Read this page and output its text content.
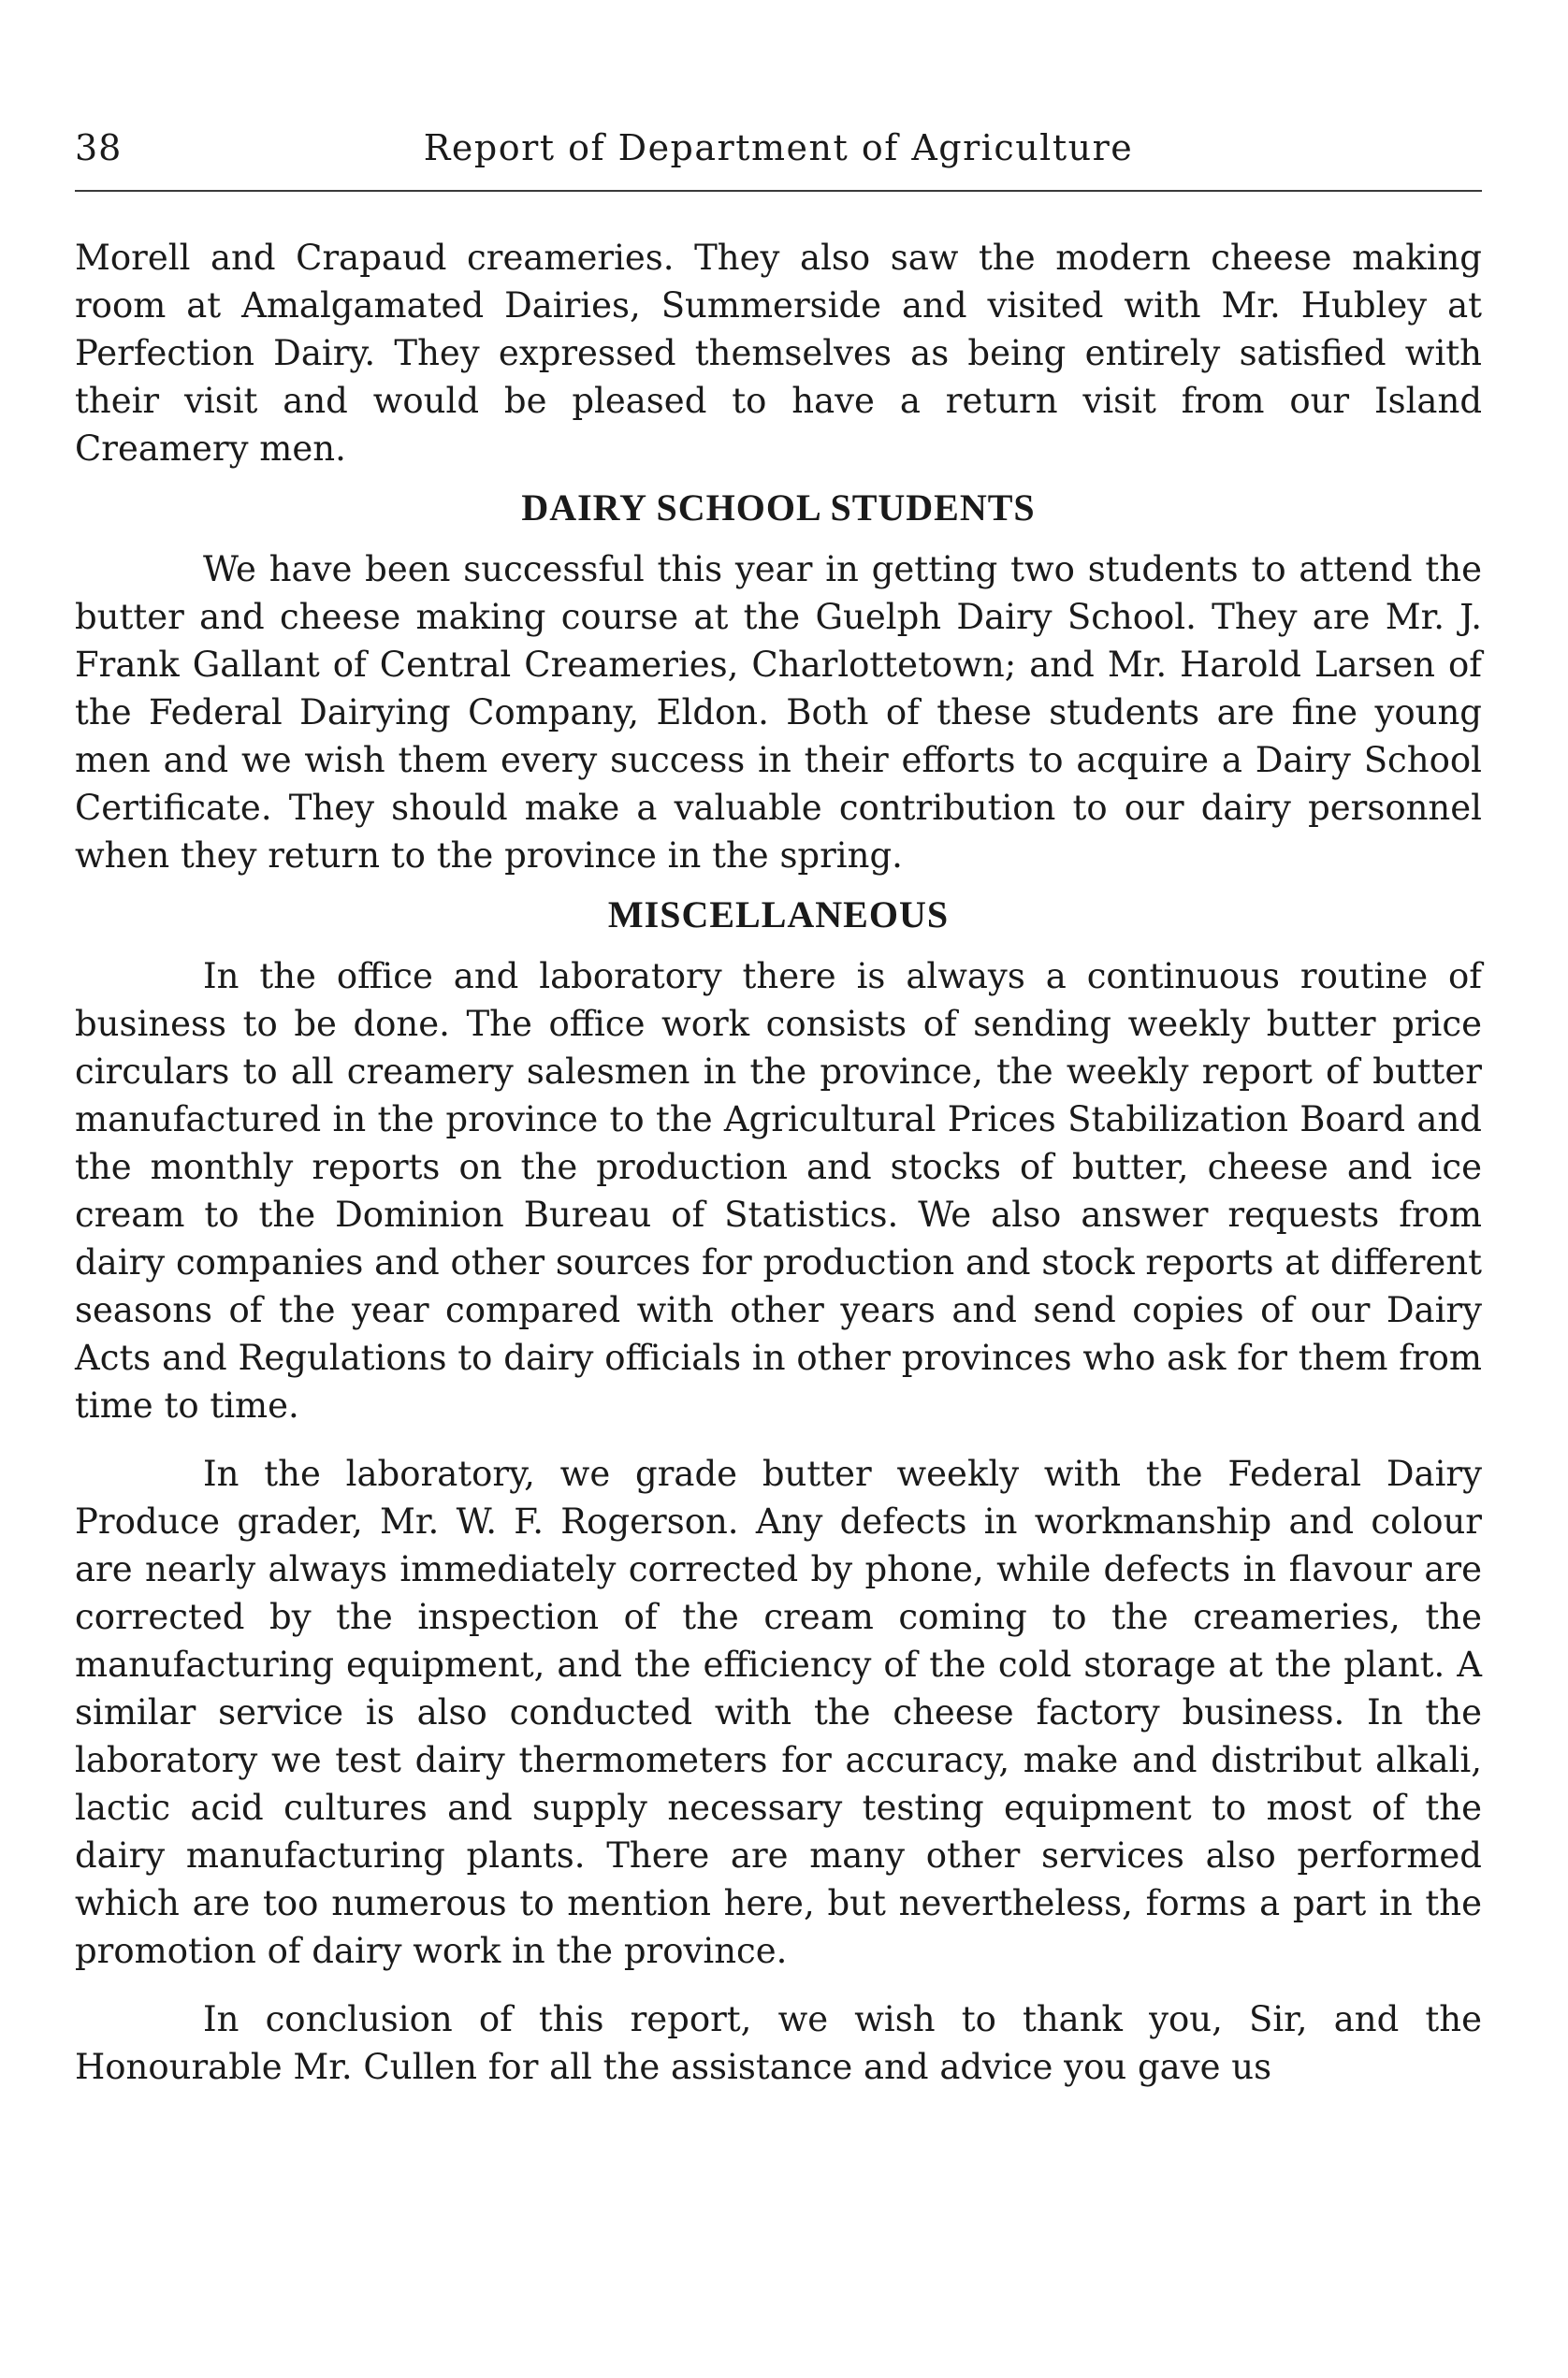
38	Report of Department of Agriculture

Morell and Crapaud creameries. They also saw the modern cheese making room at Amalgamated Dairies, Summerside and visited with Mr. Hubley at Perfection Dairy. They expressed themselves as being entirely satisfied with their visit and would be pleased to have a return visit from our Island Creamery men.

DAIRY SCHOOL STUDENTS

We have been successful this year in getting two students to attend the butter and cheese making course at the Guelph Dairy School. They are Mr. J. Frank Gallant of Central Creameries, Charlottetown; and Mr. Harold Larsen of the Federal Dairying Company, Eldon. Both of these students are fine young men and we wish them every success in their efforts to acquire a Dairy School Certificate. They should make a valuable contribution to our dairy personnel when they return to the province in the spring.

MISCELLANEOUS

In the office and laboratory there is always a continuous routine of business to be done. The office work consists of sending weekly butter price circulars to all creamery salesmen in the province, the weekly report of butter manufactured in the province to the Agricultural Prices Stabilization Board and the monthly reports on the production and stocks of butter, cheese and ice cream to the Dominion Bureau of Statistics. We also answer requests from dairy companies and other sources for production and stock reports at different seasons of the year compared with other years and send copies of our Dairy Acts and Regulations to dairy officials in other provinces who ask for them from time to time.

In the laboratory, we grade butter weekly with the Federal Dairy Produce grader, Mr. W. F. Rogerson. Any defects in workmanship and colour are nearly always immediately corrected by phone, while defects in flavour are corrected by the inspection of the cream coming to the creameries, the manufacturing equipment, and the efficiency of the cold storage at the plant. A similar service is also conducted with the cheese factory business. In the laboratory we test dairy thermometers for accuracy, make and distribut alkali, lactic acid cultures and supply necessary testing equipment to most of the dairy manufacturing plants. There are many other services also performed which are too numerous to mention here, but nevertheless, forms a part in the promotion of dairy work in the province.

In conclusion of this report, we wish to thank you, Sir, and the Honourable Mr. Cullen for all the assistance and advice you gave us
